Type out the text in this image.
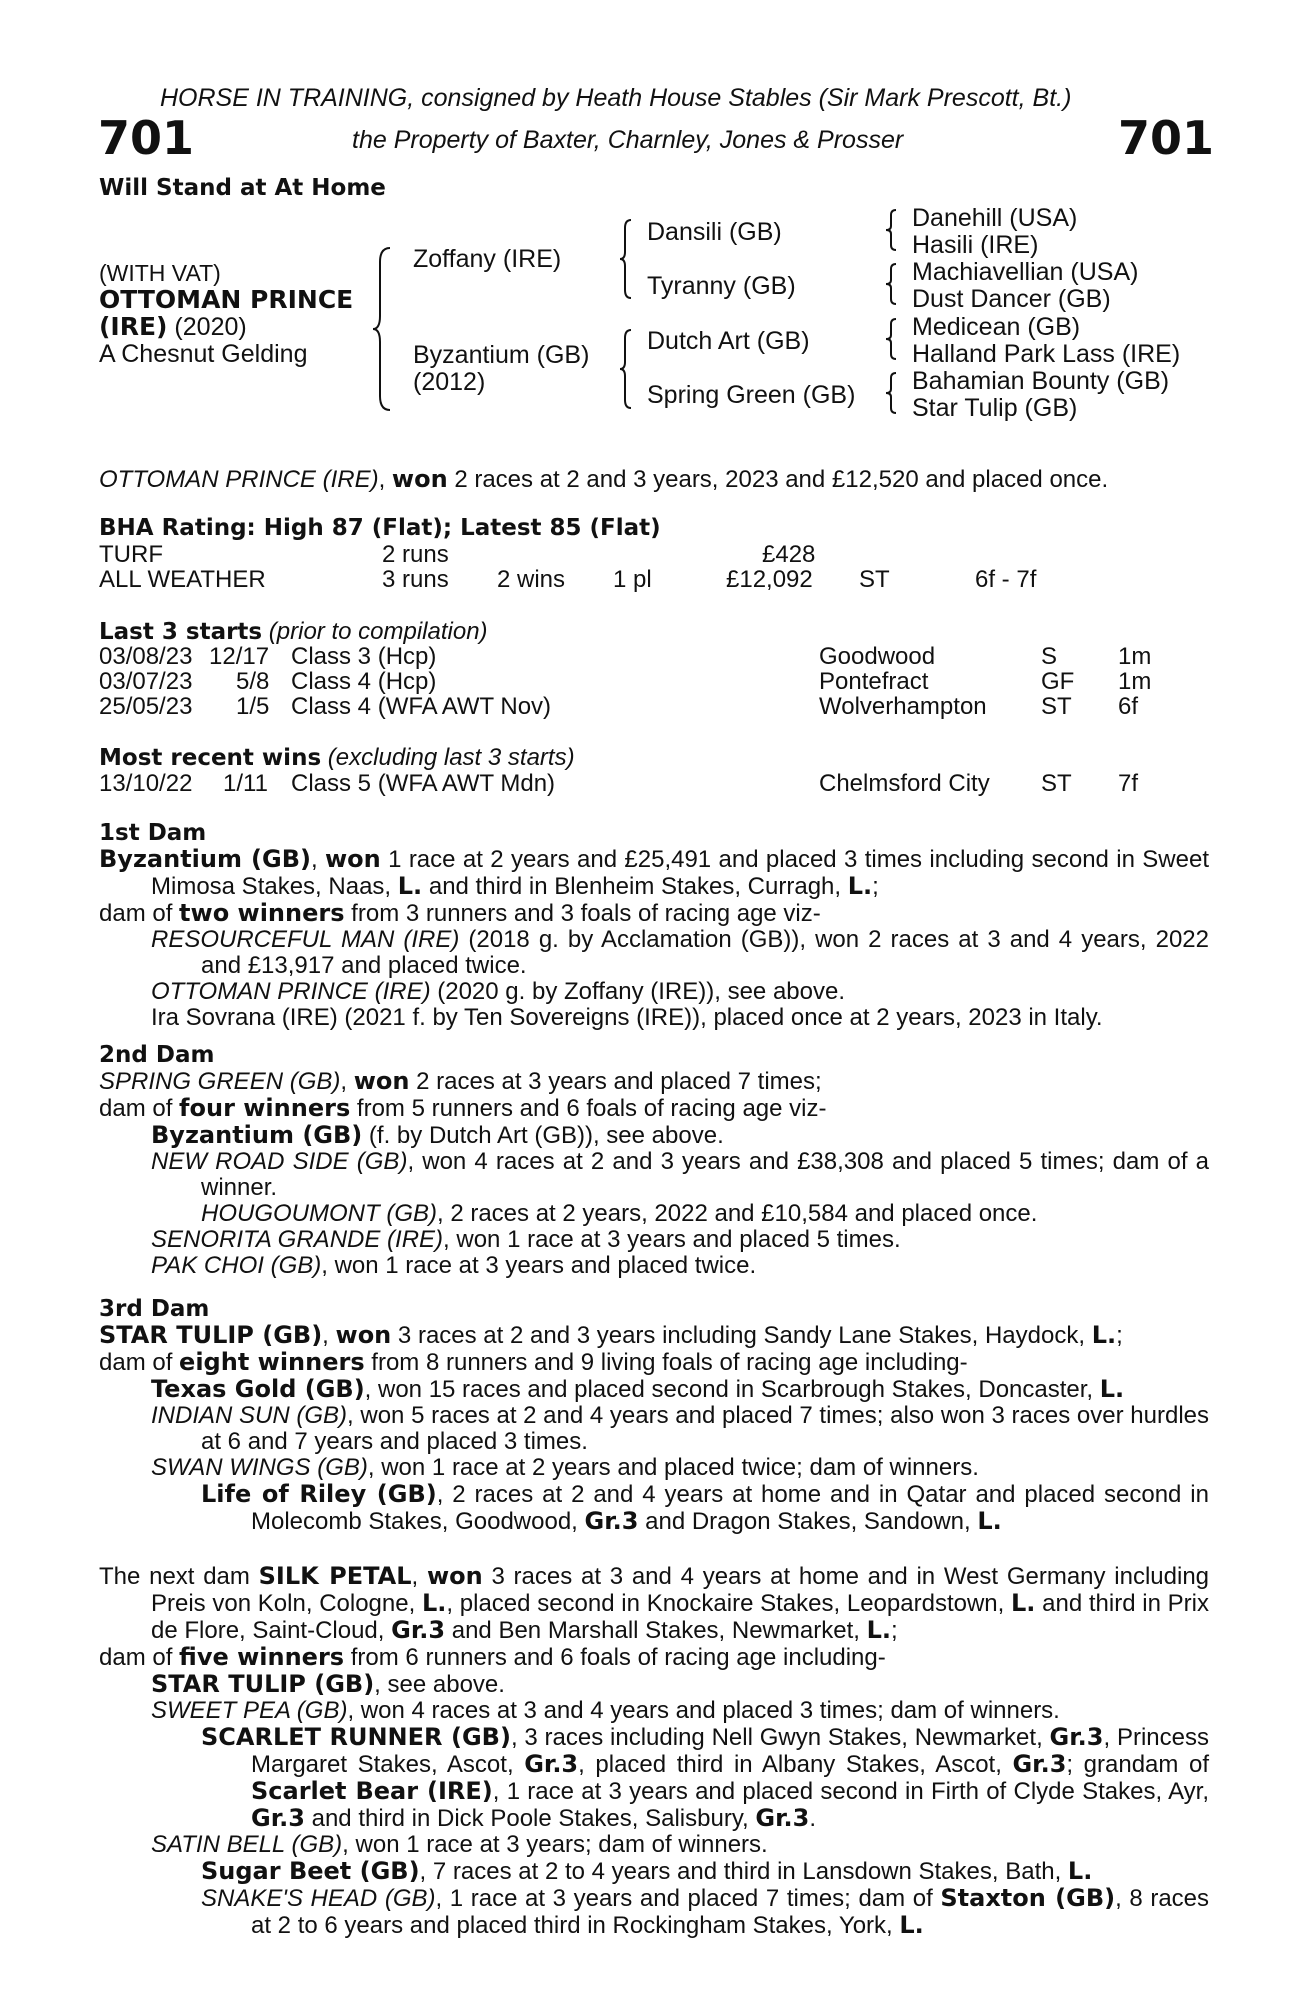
HORSE IN TRAINING, consigned by Heath House Stables (Sir Mark Prescott, Bt.)
701	the Property of Baxter, Charnley, Jones & Prosser	701
Will Stand at At Home
(WITH VAT)
OTTOMAN PRINCE
(IRE) (2020)
A Chesnut Gelding
Zoffany (IRE)
Byzantium (GB)
(2012)
Dansili (GB)
Tyranny (GB)
Dutch Art (GB)
Spring Green (GB)
Danehill (USA)
Hasili (IRE)
Machiavellian (USA)
Dust Dancer (GB)
Medicean (GB)
Halland Park Lass (IRE)
Bahamian Bounty (GB)
Star Tulip (GB)
OTTOMAN PRINCE (IRE), won 2 races at 2 and 3 years, 2023 and £12,520 and placed once.
BHA Rating: High 87 (Flat); Latest 85 (Flat)
TURF	2 runs	£428
ALL WEATHER	3 runs 2 wins 1 pl	£12,092 ST	6f - 7f
Last 3 starts (prior to compilation)
03/08/23 12/17 Class 3 (Hcp)	Goodwood	S	1m
03/07/23 5/8 Class 4 (Hcp)	Pontefract	GF 1m
25/05/23 1/5 Class 4 (WFA AWT Nov)	Wolverhampton ST 6f
Most recent wins (excluding last 3 starts)
13/10/22 1/11 Class 5 (WFA AWT Mdn)	Chelmsford City ST 7f

1st Dam

Byzantium (GB), won 1 race at 2 years and £25,491 and placed 3 times including second in Sweet Mimosa Stakes, Naas, L. and third in Blenheim Stakes, Curragh, L.;

dam of two winners from 3 runners and 3 foals of racing age viz-

RESOURCEFUL MAN (IRE) (2018 g. by Acclamation (GB)), won 2 races at 3 and 4 years, 2022 and £13,917 and placed twice.

OTTOMAN PRINCE (IRE) (2020 g. by Zoffany (IRE)), see above.

Ira Sovrana (IRE) (2021 f. by Ten Sovereigns (IRE)), placed once at 2 years, 2023 in Italy.

2nd Dam

SPRING GREEN (GB), won 2 races at 3 years and placed 7 times;

dam of four winners from 5 runners and 6 foals of racing age viz-

Byzantium (GB) (f. by Dutch Art (GB)), see above.

NEW ROAD SIDE (GB), won 4 races at 2 and 3 years and £38,308 and placed 5 times; dam of a winner.

HOUGOUMONT (GB), 2 races at 2 years, 2022 and £10,584 and placed once.

SENORITA GRANDE (IRE), won 1 race at 3 years and placed 5 times.

PAK CHOI (GB), won 1 race at 3 years and placed twice.

3rd Dam

STAR TULIP (GB), won 3 races at 2 and 3 years including Sandy Lane Stakes, Haydock, L.;

dam of eight winners from 8 runners and 9 living foals of racing age including-

Texas Gold (GB), won 15 races and placed second in Scarbrough Stakes, Doncaster, L.

INDIAN SUN (GB), won 5 races at 2 and 4 years and placed 7 times; also won 3 races over hurdles at 6 and 7 years and placed 3 times.

SWAN WINGS (GB), won 1 race at 2 years and placed twice; dam of winners.

Life of Riley (GB), 2 races at 2 and 4 years at home and in Qatar and placed second in Molecomb Stakes, Goodwood, Gr.3 and Dragon Stakes, Sandown, L.

The next dam SILK PETAL, won 3 races at 3 and 4 years at home and in West Germany including Preis von Koln, Cologne, L., placed second in Knockaire Stakes, Leopardstown, L. and third in Prix de Flore, Saint-Cloud, Gr.3 and Ben Marshall Stakes, Newmarket, L.;

dam of five winners from 6 runners and 6 foals of racing age including-

STAR TULIP (GB), see above.

SWEET PEA (GB), won 4 races at 3 and 4 years and placed 3 times; dam of winners.

SCARLET RUNNER (GB), 3 races including Nell Gwyn Stakes, Newmarket, Gr.3, Princess Margaret Stakes, Ascot, Gr.3, placed third in Albany Stakes, Ascot, Gr.3; grandam of Scarlet Bear (IRE), 1 race at 3 years and placed second in Firth of Clyde Stakes, Ayr, Gr.3 and third in Dick Poole Stakes, Salisbury, Gr.3.

SATIN BELL (GB), won 1 race at 3 years; dam of winners.

Sugar Beet (GB), 7 races at 2 to 4 years and third in Lansdown Stakes, Bath, L.

SNAKE'S HEAD (GB), 1 race at 3 years and placed 7 times; dam of Staxton (GB), 8 races at 2 to 6 years and placed third in Rockingham Stakes, York, L.
